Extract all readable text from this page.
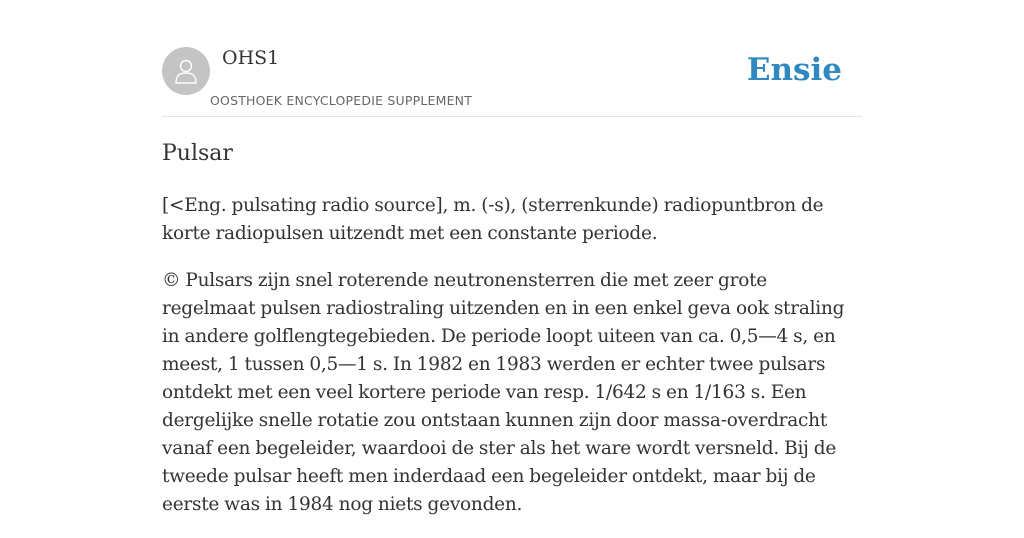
OHS1
OOSTHOEK ENCYCLOPEDIE SUPPLEMENT
Ensie
Pulsar

[<Eng. pulsating radio source], m. (-s), (sterrenkunde) radiopuntbron de korte radiopulsen uitzendt met een constante periode.

© Pulsars zijn snel roterende neutronensterren die met zeer grote regelmaat pulsen radiostraling uitzenden en in een enkel geva ook straling in andere golflengtegebieden. De periode loopt uiteen van ca. 0,5—4 s, en meest, 1 tussen 0,5—1 s. In 1982 en 1983 werden er echter twee pulsars ontdekt met een veel kortere periode van resp. 1/642 s en 1/163 s. Een dergelijke snelle rotatie zou ontstaan kunnen zijn door massa-overdracht vanaf een begeleider, waardooi de ster als het ware wordt versneld. Bij de tweede pulsar heeft men inderdaad een begeleider ontdekt, maar bij de eerste was in 1984 nog niets gevonden.
